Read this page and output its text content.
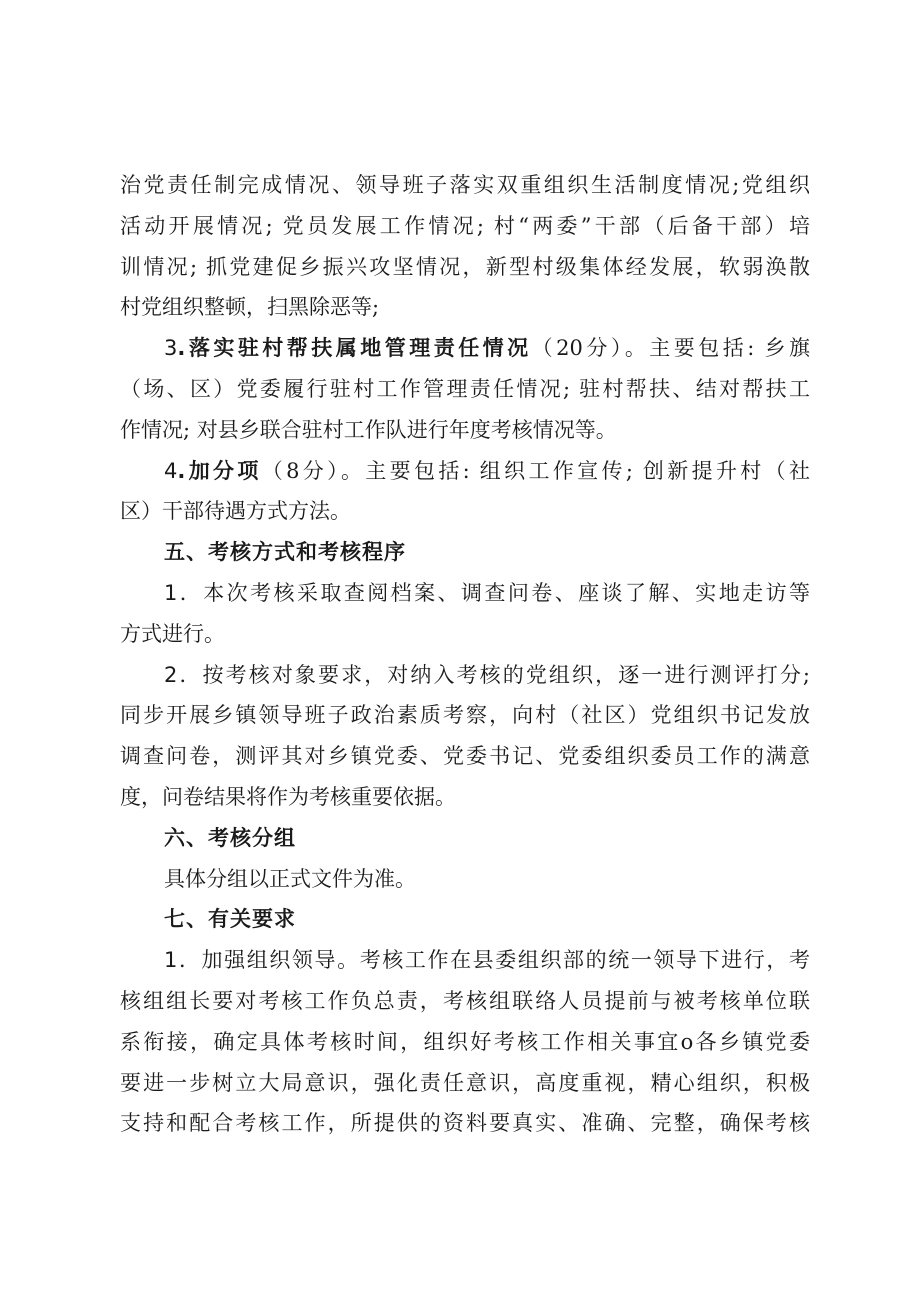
治党责任制完成情况、领导班子落实双重组织生活制度情况;党组织
活动开展情况; 党员发展工作情况; 村“两委”干部（后备干部）培
训情况; 抓党建促乡振兴攻坚情况，新型村级集体经发展，软弱涣散
村党组织整顿，扫黑除恶等;
3.落实驻村帮扶属地管理责任情况（20分）。主要包括: 乡旗
（场、区）党委履行驻村工作管理责任情况; 驻村帮扶、结对帮扶工
作情况; 对县乡联合驻村工作队进行年度考核情况等。
4.加分项（8分）。主要包括: 组织工作宣传; 创新提升村（社
区）干部待遇方式方法。
五、考核方式和考核程序
1．本次考核采取查阅档案、调查问卷、座谈了解、实地走访等
方式进行。
2．按考核对象要求，对纳入考核的党组织，逐一进行测评打分;
同步开展乡镇领导班子政治素质考察，向村（社区）党组织书记发放
调查问卷，测评其对乡镇党委、党委书记、党委组织委员工作的满意
度，问卷结果将作为考核重要依据。
六、考核分组
具体分组以正式文件为准。
七、有关要求
1．加强组织领导。考核工作在县委组织部的统一领导下进行，考
核组组长要对考核工作负总责，考核组联络人员提前与被考核单位联
系衔接，确定具体考核时间，组织好考核工作相关事宜o各乡镇党委
要进一步树立大局意识，强化责任意识，高度重视，精心组织，积极
支持和配合考核工作，所提供的资料要真实、准确、完整，确保考核
